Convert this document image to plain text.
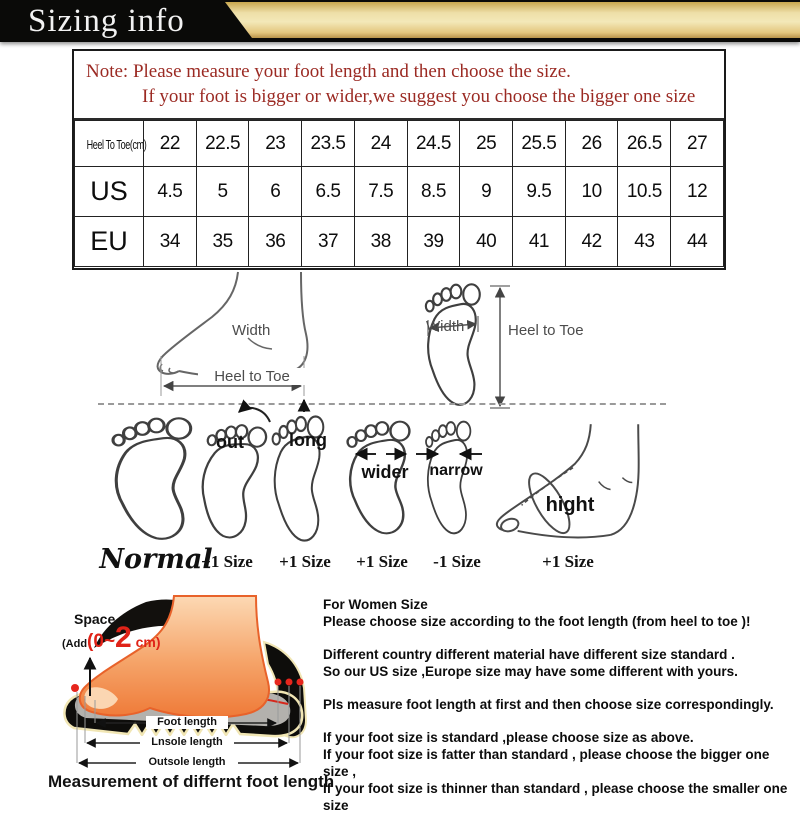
Sizing info
Note: Please measure your foot length and then choose the size.
If your foot is bigger or wider,we suggest you choose the bigger one size
Heel To Toe(cm)	22	22.5	23	23.5	24	24.5	25	25.5	26	26.5	27
US	4.5	5	6	6.5	7.5	8.5	9	9.5	10	10.5	12
EU	34	35	36	37	38	39	40	41	42	43	44
Width
Heel to Toe
Width	Heel to Toe
out	long
wider	narrow
hight
Normal
+1 Size	+1 Size	+1 Size	-1 Size	+1 Size
Space
(Add (0~ 2 cm)
Foot length
Lnsole length
Outsole length

For Women Size

Please choose size according to the foot length (from heel to toe )!

Different country different material have different size standard .

So our US size ,Europe size may have some different with yours.

Pls measure foot length at first and then choose size correspondingly.

If your foot size is standard ,please choose size as above.

If your foot size is fatter than standard , please choose the bigger one size ,

If your foot size is thinner than standard , please choose the smaller one size

Measurement of differnt foot length
